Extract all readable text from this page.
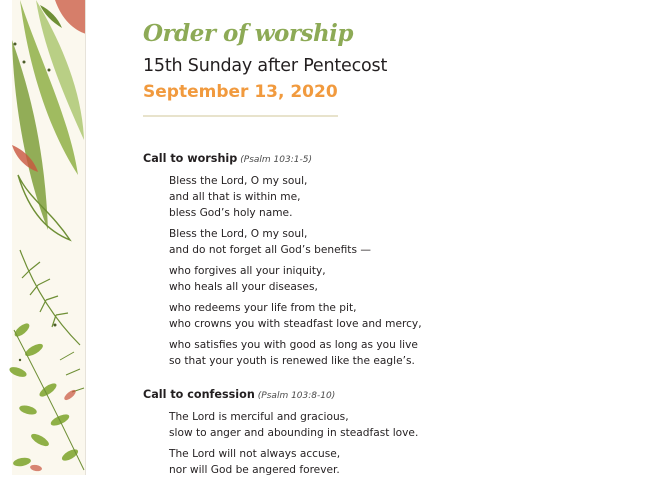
Order of worship
15th Sunday after Pentecost
September 13, 2020
Call to worship (Psalm 103:1-5)
Bless the Lord, O my soul,
and all that is within me,
bless God’s holy name.
Bless the Lord, O my soul,
and do not forget all God’s benefits —
who forgives all your iniquity,
who heals all your diseases,
who redeems your life from the pit,
who crowns you with steadfast love and mercy,
who satisfies you with good as long as you live
so that your youth is renewed like the eagle’s.
Call to confession (Psalm 103:8-10)
The Lord is merciful and gracious,
slow to anger and abounding in steadfast love.
The Lord will not always accuse,
nor will God be angered forever.
